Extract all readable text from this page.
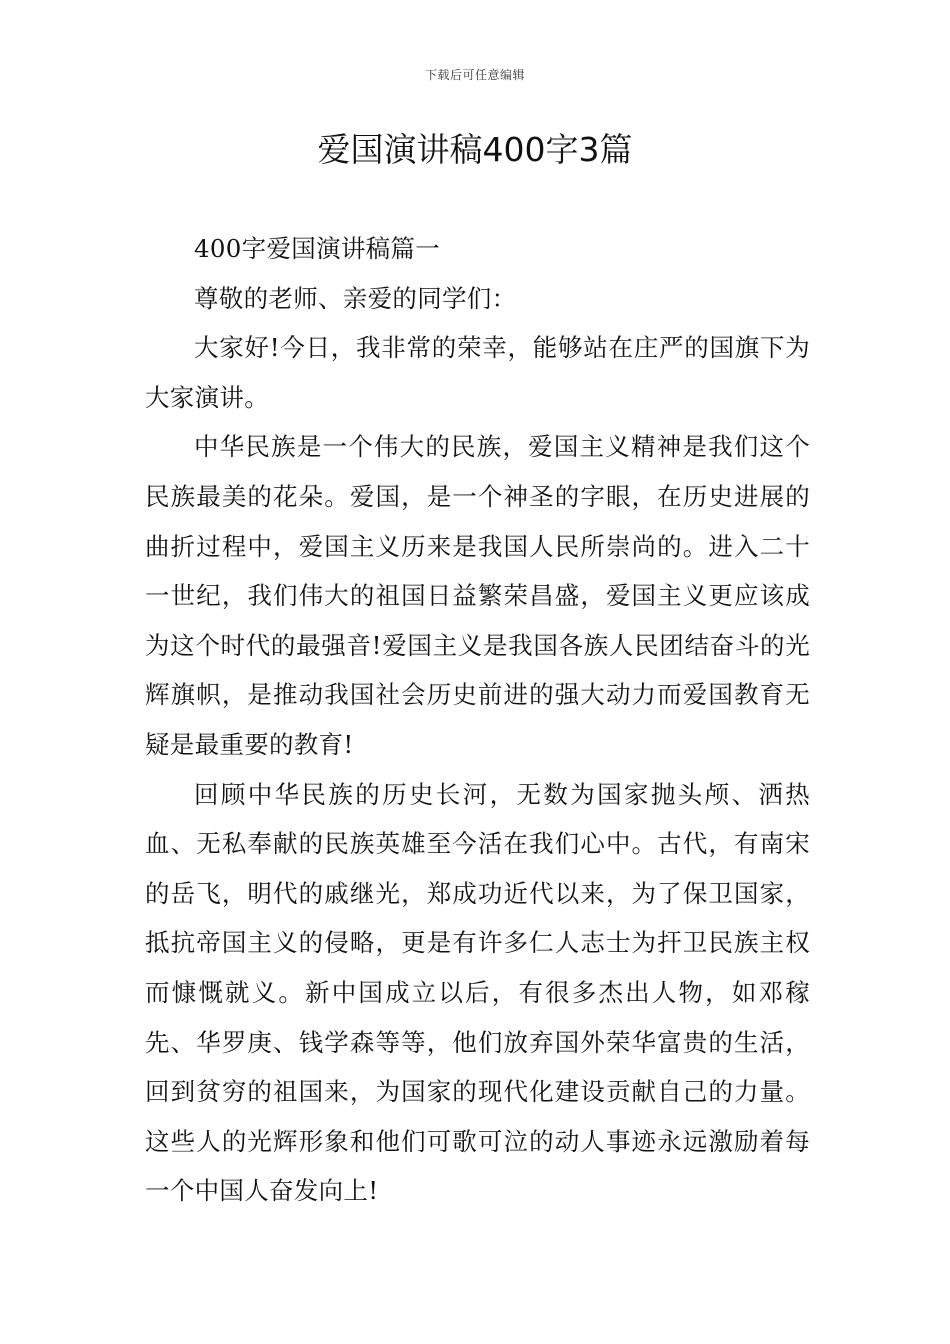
下载后可任意编辑
爱国演讲稿400字3篇

400字爱国演讲稿篇一

尊敬的老师、亲爱的同学们：

大家好!今日，我非常的荣幸，能够站在庄严的国旗下为大家演讲。

中华民族是一个伟大的民族，爱国主义精神是我们这个民族最美的花朵。爱国，是一个神圣的字眼，在历史进展的曲折过程中，爱国主义历来是我国人民所崇尚的。进入二十一世纪，我们伟大的祖国日益繁荣昌盛，爱国主义更应该成为这个时代的最强音!爱国主义是我国各族人民团结奋斗的光辉旗帜，是推动我国社会历史前进的强大动力而爱国教育无疑是最重要的教育!

回顾中华民族的历史长河，无数为国家抛头颅、洒热血、无私奉献的民族英雄至今活在我们心中。古代，有南宋的岳飞，明代的戚继光，郑成功近代以来，为了保卫国家，抵抗帝国主义的侵略，更是有许多仁人志士为扞卫民族主权而慷慨就义。新中国成立以后，有很多杰出人物，如邓稼先、华罗庚、钱学森等等，他们放弃国外荣华富贵的生活，回到贫穷的祖国来，为国家的现代化建设贡献自己的力量。这些人的光辉形象和他们可歌可泣的动人事迹永远激励着每一个中国人奋发向上!
